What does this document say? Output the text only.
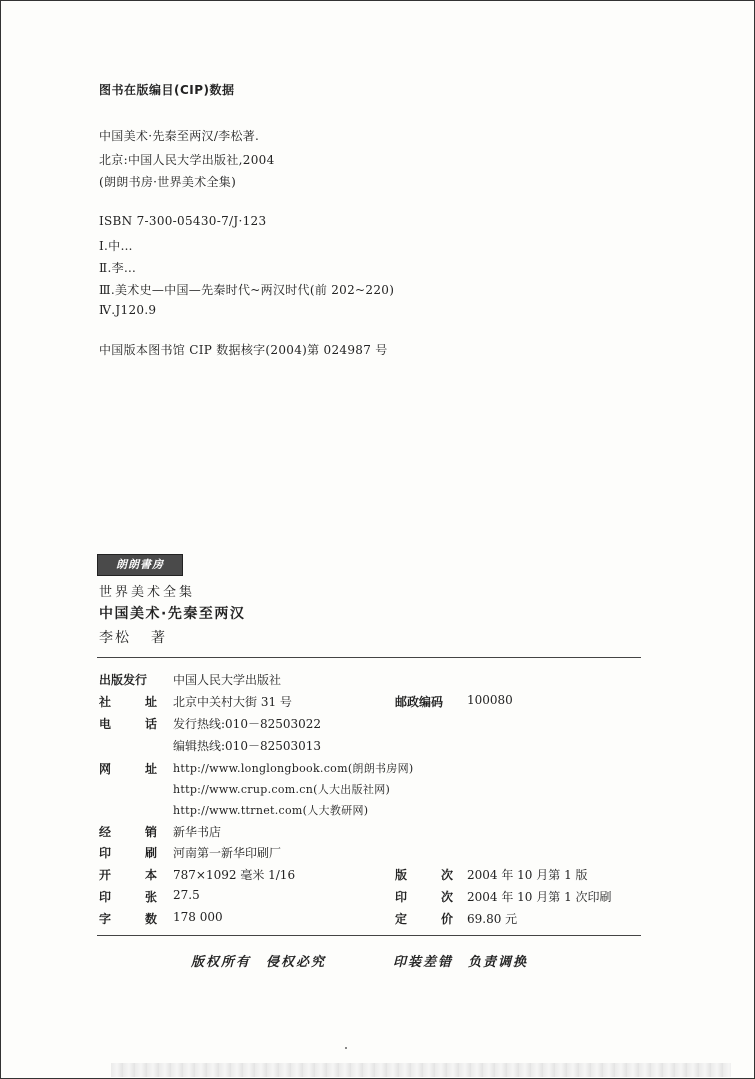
图书在版编目(CIP)数据
中国美术·先秦至两汉/李松著.
北京:中国人民大学出版社,2004
(朗朗书房·世界美术全集)
ISBN 7-300-05430-7/J·123
Ⅰ.中…
Ⅱ.李…
Ⅲ.美术史—中国—先秦时代~两汉时代(前 202~220)
Ⅳ.J120.9
中国版本图书馆 CIP 数据核字(2004)第 024987 号
朗朗書房
世界美术全集
中国美术·先秦至两汉
李松 著
出版发行 中国人民大学出版社
社	址 北京中关村大街 31 号	邮政编码 100080
电	话 发行热线:010－82503022
编辑热线:010－82503013
网	址 http://www.longlongbook.com(朗朗书房网)
http://www.crup.com.cn(人大出版社网)
http://www.ttrnet.com(人大教研网)
经	销 新华书店
印	刷 河南第一新华印刷厂
开	本 787×1092 毫米 1/16	版	次 2004 年 10 月第 1 版
印	张 27.5	印	次 2004 年 10 月第 1 次印刷
字	数 178 000	定	价 69.80 元
版权所有　侵权必究	印装差错　负责调换
